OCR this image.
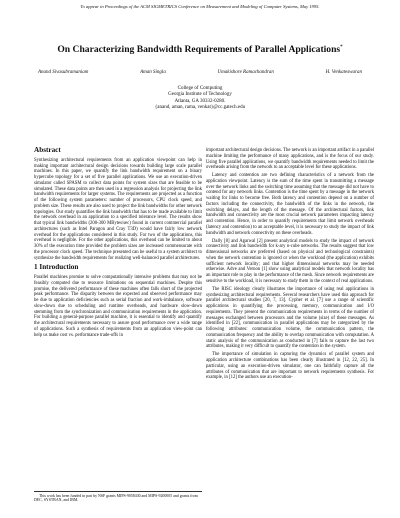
To appear in Proceedings of the ACM SIGMETRICS Conference on Measurement and Modeling of Computer Systems, May 1995.
On Characterizing Bandwidth Requirements of Parallel Applications*
Anand Sivasubramaniam	Aman Singla	Umakishore Ramachandran	H. Venkateswaran
College of Computing
Georgia Institute of Technology
Atlanta, GA 30332-0280.
{anand, aman, rama, venkat}@cc.gatech.edu
Abstract

Synthesizing architectural requirements from an application viewpoint can help in making important architectural design decisions towards building large scale parallel machines. In this paper, we quantify the link bandwidth requirement on a binary hypercube topology for a set of five parallel applications. We use an execution-driven simulator called SPASM to collect data points for system sizes that are feasible to be simulated. These data points are then used in a regression analysis for projecting the link bandwidth requirements for larger systems. The requirements are projected as a function of the following system parameters: number of processors, CPU clock speed, and problem size. These results are also used to project the link bandwidths for other network topologies. Our study quantifies the link bandwidth that has to be made available to limit the network overhead in an application to a specified tolerance level. The results show that typical link bandwidths (200-300 MBytes/sec) found in current commercial parallel architectures (such as Intel Paragon and Cray T3D) would have fairly low network overhead for the applications considered in this study. For two of the applications, this overhead is negligible. For the other applications, this overhead can be limited to about 30% of the execution time provided the problem sizes are increased commensurate with the processor clock speed. The technique presented can be useful to a system architect to synthesize the bandwidth requirements for realizing well-balanced parallel architectures.

1 Introduction

Parallel machines promise to solve computationally intensive problems that may not be feasibly computed due to resource limitations on sequential machines. Despite this promise, the delivered performance of these machines often falls short of the projected peak performance. The disparity between the expected and observed performance may be due to application deficiencies such as serial fraction and work-imbalance, software slow-down due to scheduling and runtime overheads, and hardware slow-down stemming from the synchronization and communication requirements in the application. For building a general-purpose parallel machine, it is essential to identify and quantify the architectural requirements necessary to assure good performance over a wide range of applications. Such a synthesis of requirements from an application view-point can help us make cost vs. performance trade-offs in

important architectural design decisions. The network is an important artifact in a parallel machine limiting the performance of many applications, and is the focus of our study. Using five parallel applications, we quantify bandwidth requirements needed to limit the overheads arising from the network to an acceptable level for these applications.

Latency and contention are two defining characteristics of a network from the application viewpoint. Latency is the sum of the time spent in transmitting a message over the network links and the switching time assuming that the message did not have to contend for any network links. Contention is the time spent by a message in the network waiting for links to become free. Both latency and contention depend on a number of factors including the connectivity, the bandwidth of the links in the network, the switching delays, and the length of the message. Of the architectural factors, link bandwidth and connectivity are the most crucial network parameters impacting latency and contention. Hence, in order to quantify requirements that limit network overheads (latency and contention) to an acceptable level, it is necessary to study the impact of link bandwidth and network connectivity on these overheads.

Dally [8] and Agarwal [2] present analytical models to study the impact of network connectivity and link bandwidth for k-ary n-cube networks. The results suggest that low dimensional networks are preferred (based on physical and technological constraints) when the network contention is ignored or when the workload (the application) exhibits sufficient network locality; and that higher dimensional networks may be needed otherwise. Adve and Vernon [1] show using analytical models that network locality has an important role to play in the performance of the mesh. Since network requirements are sensitive to the workload, it is necessary to study them in the context of real applications.

The RISC ideology clearly illustrates the importance of using real applications in synthesizing architectural requirements. Several researchers have used this approach for parallel architectural studies [20, 7, 13]. Cypher et al. [7] use a range of scientific applications in quantifying the processing, memory, communication and I/O requirements. They present the communication requirements in terms of the number of messages exchanged between processors and the volume (size) of these messages. As identified in [22], communication in parallel applications may be categorized by the following attributes: communication volume, the communication pattern, the communication frequency and the ability to overlap communication with computation. A static analysis of the communication as conducted in [7] fails to capture the last two attributes, making it very difficult to quantify the contention in the system.

The importance of simulation in capturing the dynamics of parallel system and application architecture combinations has been clearly illustrated in [12, 22, 25]. In particular, using an execution-driven simulator, one can faithfully capture all the attributes of communication that are important to network requirements synthesis. For example, in [12] the authors use an execution-

This work has been funded in part by NSF grants MIPS-9058430 and MIPS-9200005 and grants from DEC, SYSTRAN, and IBM.
